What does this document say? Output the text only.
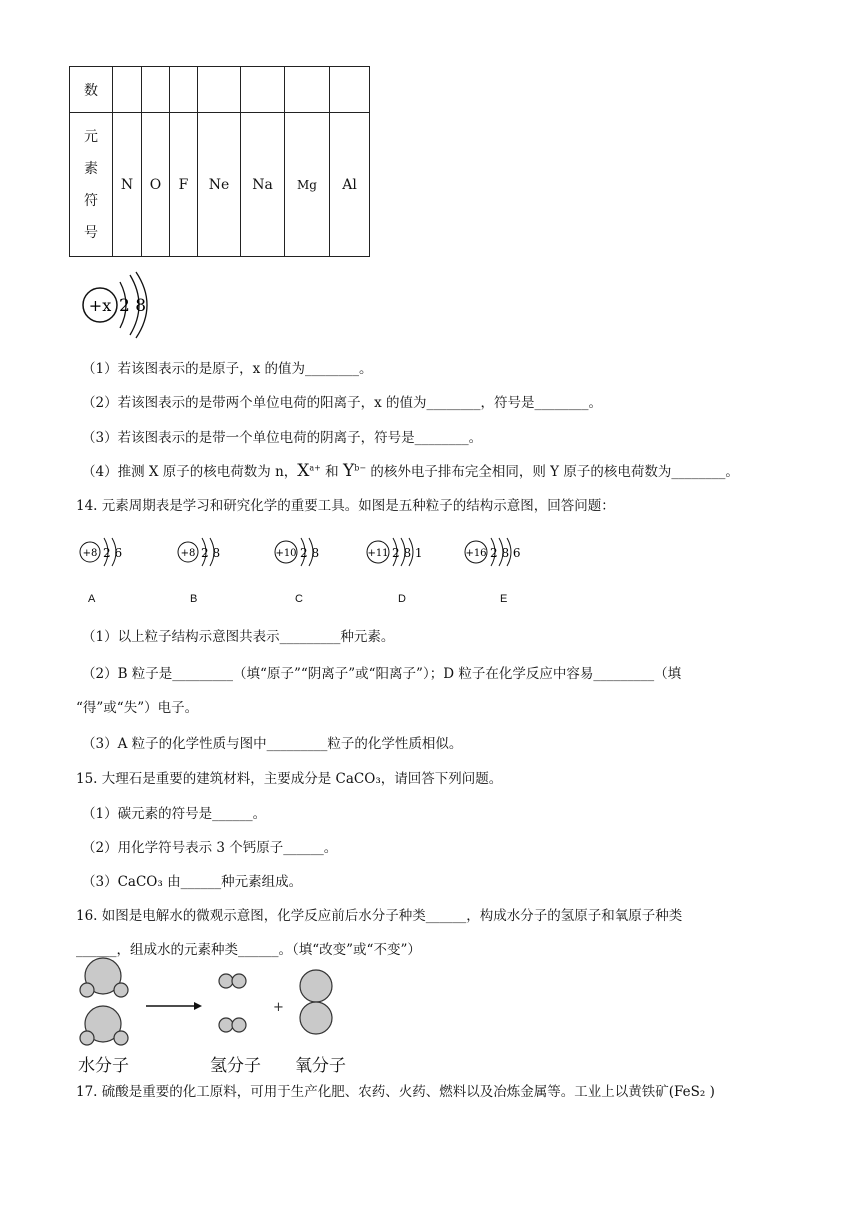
数							

元
素
符
号	N	O	F	Ne	Na	Mg	Al
+x 2 8
（1）若该图表示的是原子，x 的值为________。
（2）若该图表示的是带两个单位电荷的阳离子，x 的值为________，符号是________。
（3）若该图表示的是带一个单位电荷的阴离子，符号是________。
（4）推测 X 原子的核电荷数为 n，$X^{a+}$ 和 $Y^{b-}$ 的核外电子排布完全相同，则 Y 原子的核电荷数为________。
14. 元素周期表是学习和研究化学的重要工具。如图是五种粒子的结构示意图，回答问题：
+8 2 6	+8 2 8	+10 2 8	+11 2 8 1	+16 2 8 6
A	B	C	D	E
（1）以上粒子结构示意图共表示_________种元素。
（2）B 粒子是_________（填“原子”“阴离子”或“阳离子”）；D 粒子在化学反应中容易_________（填
“得”或“失”）电子。
（3）A 粒子的化学性质与图中_________粒子的化学性质相似。
15. 大理石是重要的建筑材料，主要成分是 CaCO₃，请回答下列问题。
（1）碳元素的符号是______。
（2）用化学符号表示 3 个钙原子______。
（3）CaCO₃ 由______种元素组成。
16. 如图是电解水的微观示意图，化学反应前后水分子种类______，构成水分子的氢原子和氧原子种类
______，组成水的元素种类______。（填“改变”或“不变”）
+
水分子	氢分子 氧分子
17. 硫酸是重要的化工原料，可用于生产化肥、农药、火药、燃料以及冶炼金属等。工业上以黄铁矿(FeS₂ )
